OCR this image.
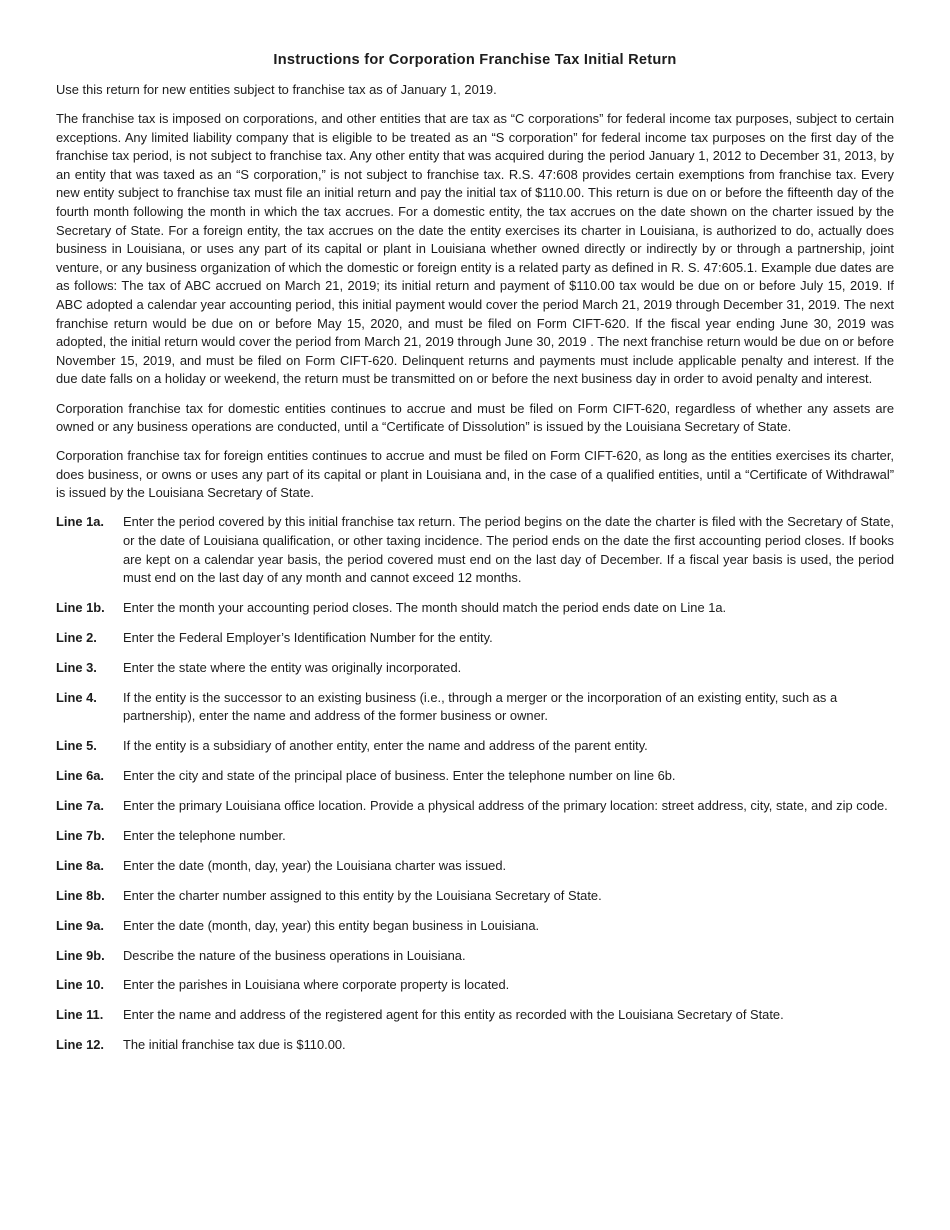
Instructions for Corporation Franchise Tax Initial Return

Use this return for new entities subject to franchise tax as of January 1, 2019.

The franchise tax is imposed on corporations, and other entities that are tax as “C corporations” for federal income tax purposes, subject to certain exceptions. Any limited liability company that is eligible to be treated as an “S corporation” for federal income tax purposes on the first day of the franchise tax period, is not subject to franchise tax. Any other entity that was acquired during the period January 1, 2012 to December 31, 2013, by an entity that was taxed as an “S corporation,” is not subject to franchise tax. R.S. 47:608 provides certain exemptions from franchise tax. Every new entity subject to franchise tax must file an initial return and pay the initial tax of $110.00. This return is due on or before the fifteenth day of the fourth month following the month in which the tax accrues. For a domestic entity, the tax accrues on the date shown on the charter issued by the Secretary of State. For a foreign entity, the tax accrues on the date the entity exercises its charter in Louisiana, is authorized to do, actually does business in Louisiana, or uses any part of its capital or plant in Louisiana whether owned directly or indirectly by or through a partnership, joint venture, or any business organization of which the domestic or foreign entity is a related party as defined in R. S. 47:605.1. Example due dates are as follows: The tax of ABC accrued on March 21, 2019; its initial return and payment of $110.00 tax would be due on or before July 15, 2019. If ABC adopted a calendar year accounting period, this initial payment would cover the period March 21, 2019 through December 31, 2019. The next franchise return would be due on or before May 15, 2020, and must be filed on Form CIFT-620. If the fiscal year ending June 30, 2019 was adopted, the initial return would cover the period from March 21, 2019 through June 30, 2019 . The next franchise return would be due on or before November 15, 2019, and must be filed on Form CIFT-620. Delinquent returns and payments must include applicable penalty and interest. If the due date falls on a holiday or weekend, the return must be transmitted on or before the next business day in order to avoid penalty and interest.

Corporation franchise tax for domestic entities continues to accrue and must be filed on Form CIFT-620, regardless of whether any assets are owned or any business operations are conducted, until a “Certificate of Dissolution” is issued by the Louisiana Secretary of State.

Corporation franchise tax for foreign entities continues to accrue and must be filed on Form CIFT-620, as long as the entities exercises its charter, does business, or owns or uses any part of its capital or plant in Louisiana and, in the case of a qualified entities, until a “Certificate of Withdrawal” is issued by the Louisiana Secretary of State.

Line 1a.	Enter the period covered by this initial franchise tax return. The period begins on the date the charter is filed with the Secretary of State, or the date of Louisiana qualification, or other taxing incidence. The period ends on the date the first accounting period closes. If books are kept on a calendar year basis, the period covered must end on the last day of December. If a fiscal year basis is used, the period must end on the last day of any month and cannot exceed 12 months.
Line 1b.	Enter the month your accounting period closes. The month should match the period ends date on Line 1a.
Line 2.	Enter the Federal Employer’s Identification Number for the entity.
Line 3.	Enter the state where the entity was originally incorporated.
Line 4.	If the entity is the successor to an existing business (i.e., through a merger or the incorporation of an existing entity, such as a partnership), enter the name and address of the former business or owner.
Line 5.	If the entity is a subsidiary of another entity, enter the name and address of the parent entity.
Line 6a.	Enter the city and state of the principal place of business. Enter the telephone number on line 6b.
Line 7a.	Enter the primary Louisiana office location. Provide a physical address of the primary location: street address, city, state, and zip code.
Line 7b.	Enter the telephone number.
Line 8a.	Enter the date (month, day, year) the Louisiana charter was issued.
Line 8b.	Enter the charter number assigned to this entity by the Louisiana Secretary of State.
Line 9a.	Enter the date (month, day, year) this entity began business in Louisiana.
Line 9b.	Describe the nature of the business operations in Louisiana.
Line 10.	Enter the parishes in Louisiana where corporate property is located.
Line 11.	Enter the name and address of the registered agent for this entity as recorded with the Louisiana Secretary of State.
Line 12.	The initial franchise tax due is $110.00.
